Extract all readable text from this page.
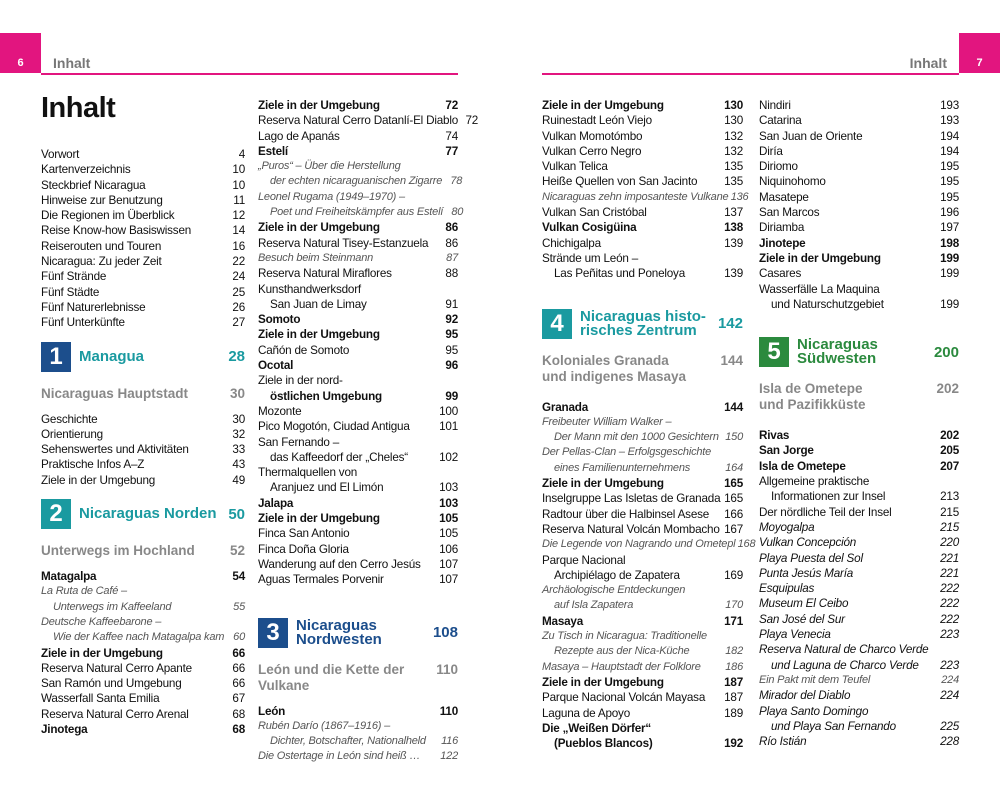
6	7
Inhalt	Inhalt
Inhalt
Vorwort	4
Kartenverzeichnis	10
Steckbrief Nicaragua	10
Hinweise zur Benutzung	11
Die Regionen im Überblick	12
Reise Know-how Basiswissen	14
Reiserouten und Touren	16
Nicaragua: Zu jeder Zeit	22
Fünf Strände	24
Fünf Städte	25
Fünf Naturerlebnisse	26
Fünf Unterkünfte	27
1	Managua	28
Nicaraguas Hauptstadt	30
Geschichte	30
Orientierung	32
Sehenswertes und Aktivitäten	33
Praktische Infos A–Z	43
Ziele in der Umgebung	49
2	Nicaraguas Norden 50
Unterwegs im Hochland	52
Matagalpa	54
La Ruta de Café –
Unterwegs im Kaffeeland	55
Deutsche Kaffeebarone –
Wie der Kaffee nach Matagalpa kam 60
Ziele in der Umgebung	66
Reserva Natural Cerro Apante	66
San Ramón und Umgebung	66
Wasserfall Santa Emilia	67
Reserva Natural Cerro Arenal	68
Jinotega	68
Ziele in der Umgebung	72
Reserva Natural Cerro Datanlí-El Diablo 72
Lago de Apanás	74
Estelí	77
„Puros“ – Über die Herstellung
der echten nicaraguanischen Zigarre 78
Leonel Rugama (1949–1970) –
Poet und Freiheitskämpfer aus Estelí 80
Ziele in der Umgebung	86
Reserva Natural Tisey-Estanzuela	86
Besuch beim Steinmann	87
Reserva Natural Miraflores	88
Kunsthandwerksdorf
San Juan de Limay	91
Somoto	92
Ziele in der Umgebung	95
Cañón de Somoto	95
Ocotal	96
Ziele in der nord-
östlichen Umgebung	99
Mozonte	100
Pico Mogotón, Ciudad Antigua	101
San Fernando –
das Kaffeedorf der „Cheles“	102
Thermalquellen von
Aranjuez und El Limón	103
Jalapa	103
Ziele in der Umgebung	105
Finca San Antonio	105
Finca Doña Gloria	106
Wanderung auf den Cerro Jesús 107
Aguas Termales Porvenir	107
3	Nicaraguas
Nordwesten	108
León und die Kette der Vulkane
110
León	110
Rubén Darío (1867–1916) –
Dichter, Botschafter, Nationalheld 116
Die Ostertage in León sind heiß … 122
Ziele in der Umgebung	130
Ruinestadt León Viejo	130
Vulkan Momotómbo	132
Vulkan Cerro Negro	132
Vulkan Telica	135
Heiße Quellen von San Jacinto 135
Nicaraguas zehn imposanteste Vulkane 136
Vulkan San Cristóbal	137
Vulkan Cosigüina	138
Chichigalpa	139
Strände um León –
Las Peñitas und Poneloya	139
4	Nicaraguas histo-
risches Zentrum	142
Koloniales Granada
und indigenes Masaya
144
Granada	144
Freibeuter William Walker –
Der Mann mit den 1000 Gesichtern 150
Der Pellas-Clan – Erfolgsgeschichte
eines Familienunternehmens	164
Ziele in der Umgebung	165
Inselgruppe Las Isletas de Granada 165
Radtour über die Halbinsel Asese 166
Reserva Natural Volcán Mombacho 167
Die Legende von Nagrando und Ometepl 168
Parque Nacional
Archipiélago de Zapatera	169
Archäologische Entdeckungen
auf Isla Zapatera	170
Masaya	171
Zu Tisch in Nicaragua: Traditionelle
Rezepte aus der Nica-Küche	182
Masaya – Hauptstadt der Folklore 186
Ziele in der Umgebung	187
Parque Nacional Volcán Mayasa 187
Laguna de Apoyo	189
Die „Weißen Dörfer“
(Pueblos Blancos)	192
Nindiri	193
Catarina	193
San Juan de Oriente	194
Diría	194
Diriomo	195
Niquinohomo	195
Masatepe	195
San Marcos	196
Diriamba	197
Jinotepe	198
Ziele in der Umgebung	199
Casares	199
Wasserfälle La Maquina
und Naturschutzgebiet	199
5	Nicaraguas
Südwesten	200
Isla de Ometepe
und Pazifikküste
202
Rivas	202
San Jorge	205
Isla de Ometepe	207
Allgemeine praktische
Informationen zur Insel	213
Der nördliche Teil der Insel	215
Moyogalpa	215
Vulkan Concepción	220
Playa Puesta del Sol	221
Punta Jesús María	221
Esquipulas	222
Museum El Ceibo	222
San José del Sur	222
Playa Venecia	223
Reserva Natural de Charco Verde
und Laguna de Charco Verde 223
Ein Pakt mit dem Teufel	224
Mirador del Diablo	224
Playa Santo Domingo
und Playa San Fernando	225
Río Istián	228
